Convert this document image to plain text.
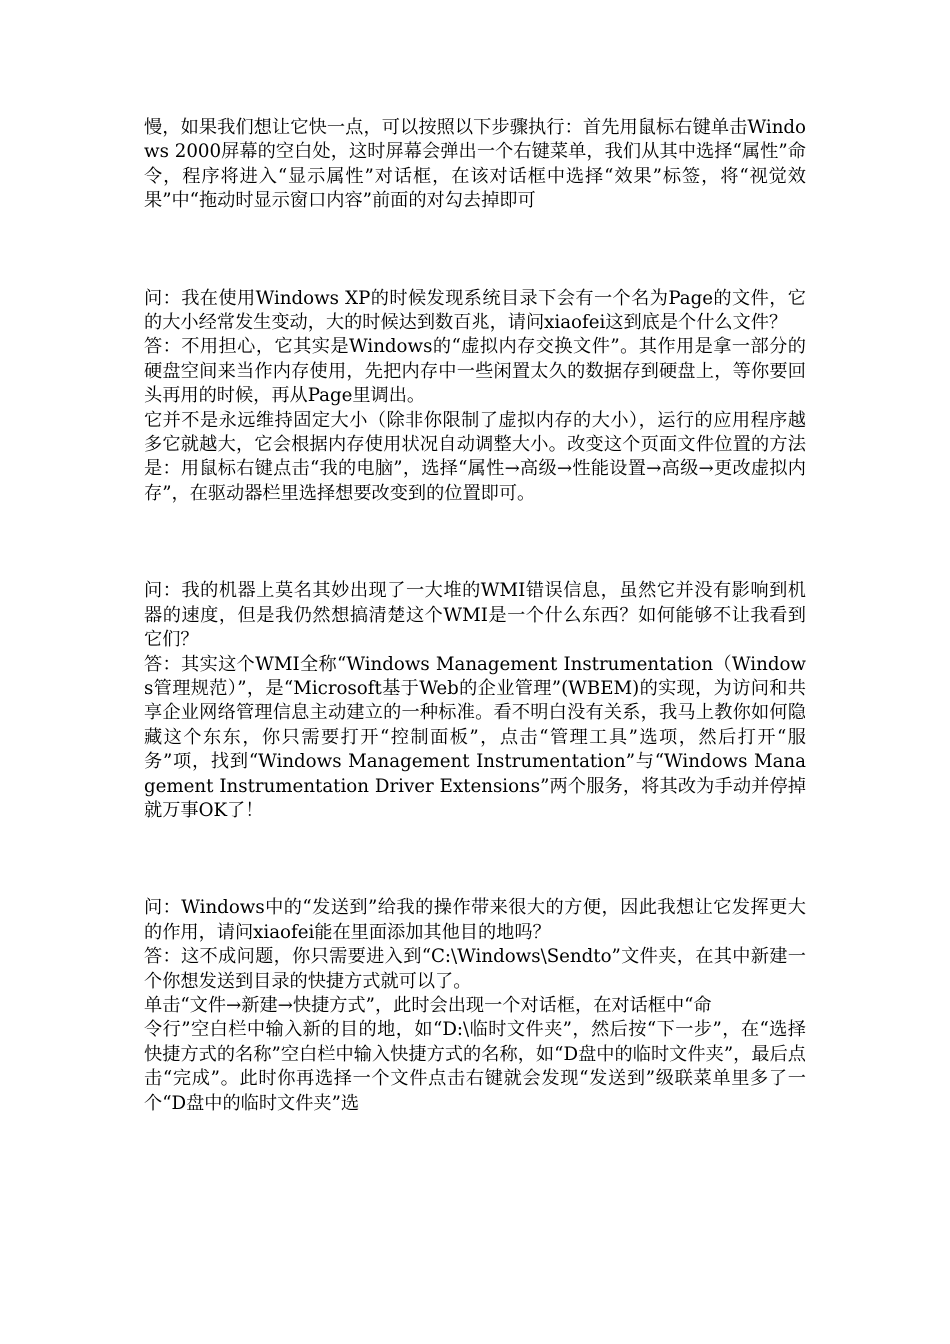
慢，如果我们想让它快一点，可以按照以下步骤执行：首先用鼠标右键单击Windows 2000屏幕的空白处，这时屏幕会弹出一个右键菜单，我们从其中选择“属性”命令，程序将进入“显示属性”对话框，在该对话框中选择“效果”标签，将“视觉效果”中“拖动时显示窗口内容”前面的对勾去掉即可

问：我在使用Windows XP的时候发现系统目录下会有一个名为Page的文件，它的大小经常发生变动，大的时候达到数百兆，请问xiaofei这到底是个什么文件？

答：不用担心，它其实是Windows的“虚拟内存交换文件”。其作用是拿一部分的硬盘空间来当作内存使用，先把内存中一些闲置太久的数据存到硬盘上，等你要回头再用的时候，再从Page里调出。

它并不是永远维持固定大小（除非你限制了虚拟内存的大小），运行的应用程序越多它就越大，它会根据内存使用状况自动调整大小。改变这个页面文件位置的方法是：用鼠标右键点击“我的电脑”，选择“属性→高级→性能设置→高级→更改虚拟内存”，在驱动器栏里选择想要改变到的位置即可。

问：我的机器上莫名其妙出现了一大堆的WMI错误信息，虽然它并没有影响到机器的速度，但是我仍然想搞清楚这个WMI是一个什么东西？如何能够不让我看到它们？

答：其实这个WMI全称“Windows Management Instrumentation（Windows管理规范）”，是“Microsoft基于Web的企业管理”(WBEM)的实现，为访问和共享企业网络管理信息主动建立的一种标准。看不明白没有关系，我马上教你如何隐藏这个东东，你只需要打开“控制面板”，点击“管理工具”选项，然后打开“服务”项，找到“Windows Management Instrumentation”与“Windows Management Instrumentation Driver Extensions”两个服务，将其改为手动并停掉就万事OK了！

问：Windows中的“发送到”给我的操作带来很大的方便，因此我想让它发挥更大的作用，请问xiaofei能在里面添加其他目的地吗？

答：这不成问题，你只需要进入到“C:\Windows\Sendto”文件夹，在其中新建一个你想发送到目录的快捷方式就可以了。

单击“文件→新建→快捷方式”，此时会出现一个对话框，在对话框中“命

令行”空白栏中输入新的目的地，如“D:\临时文件夹”，然后按“下一步”，在“选择快捷方式的名称”空白栏中输入快捷方式的名称，如“D盘中的临时文件夹”，最后点击“完成”。此时你再选择一个文件点击右键就会发现“发送到”级联菜单里多了一个“D盘中的临时文件夹”选
